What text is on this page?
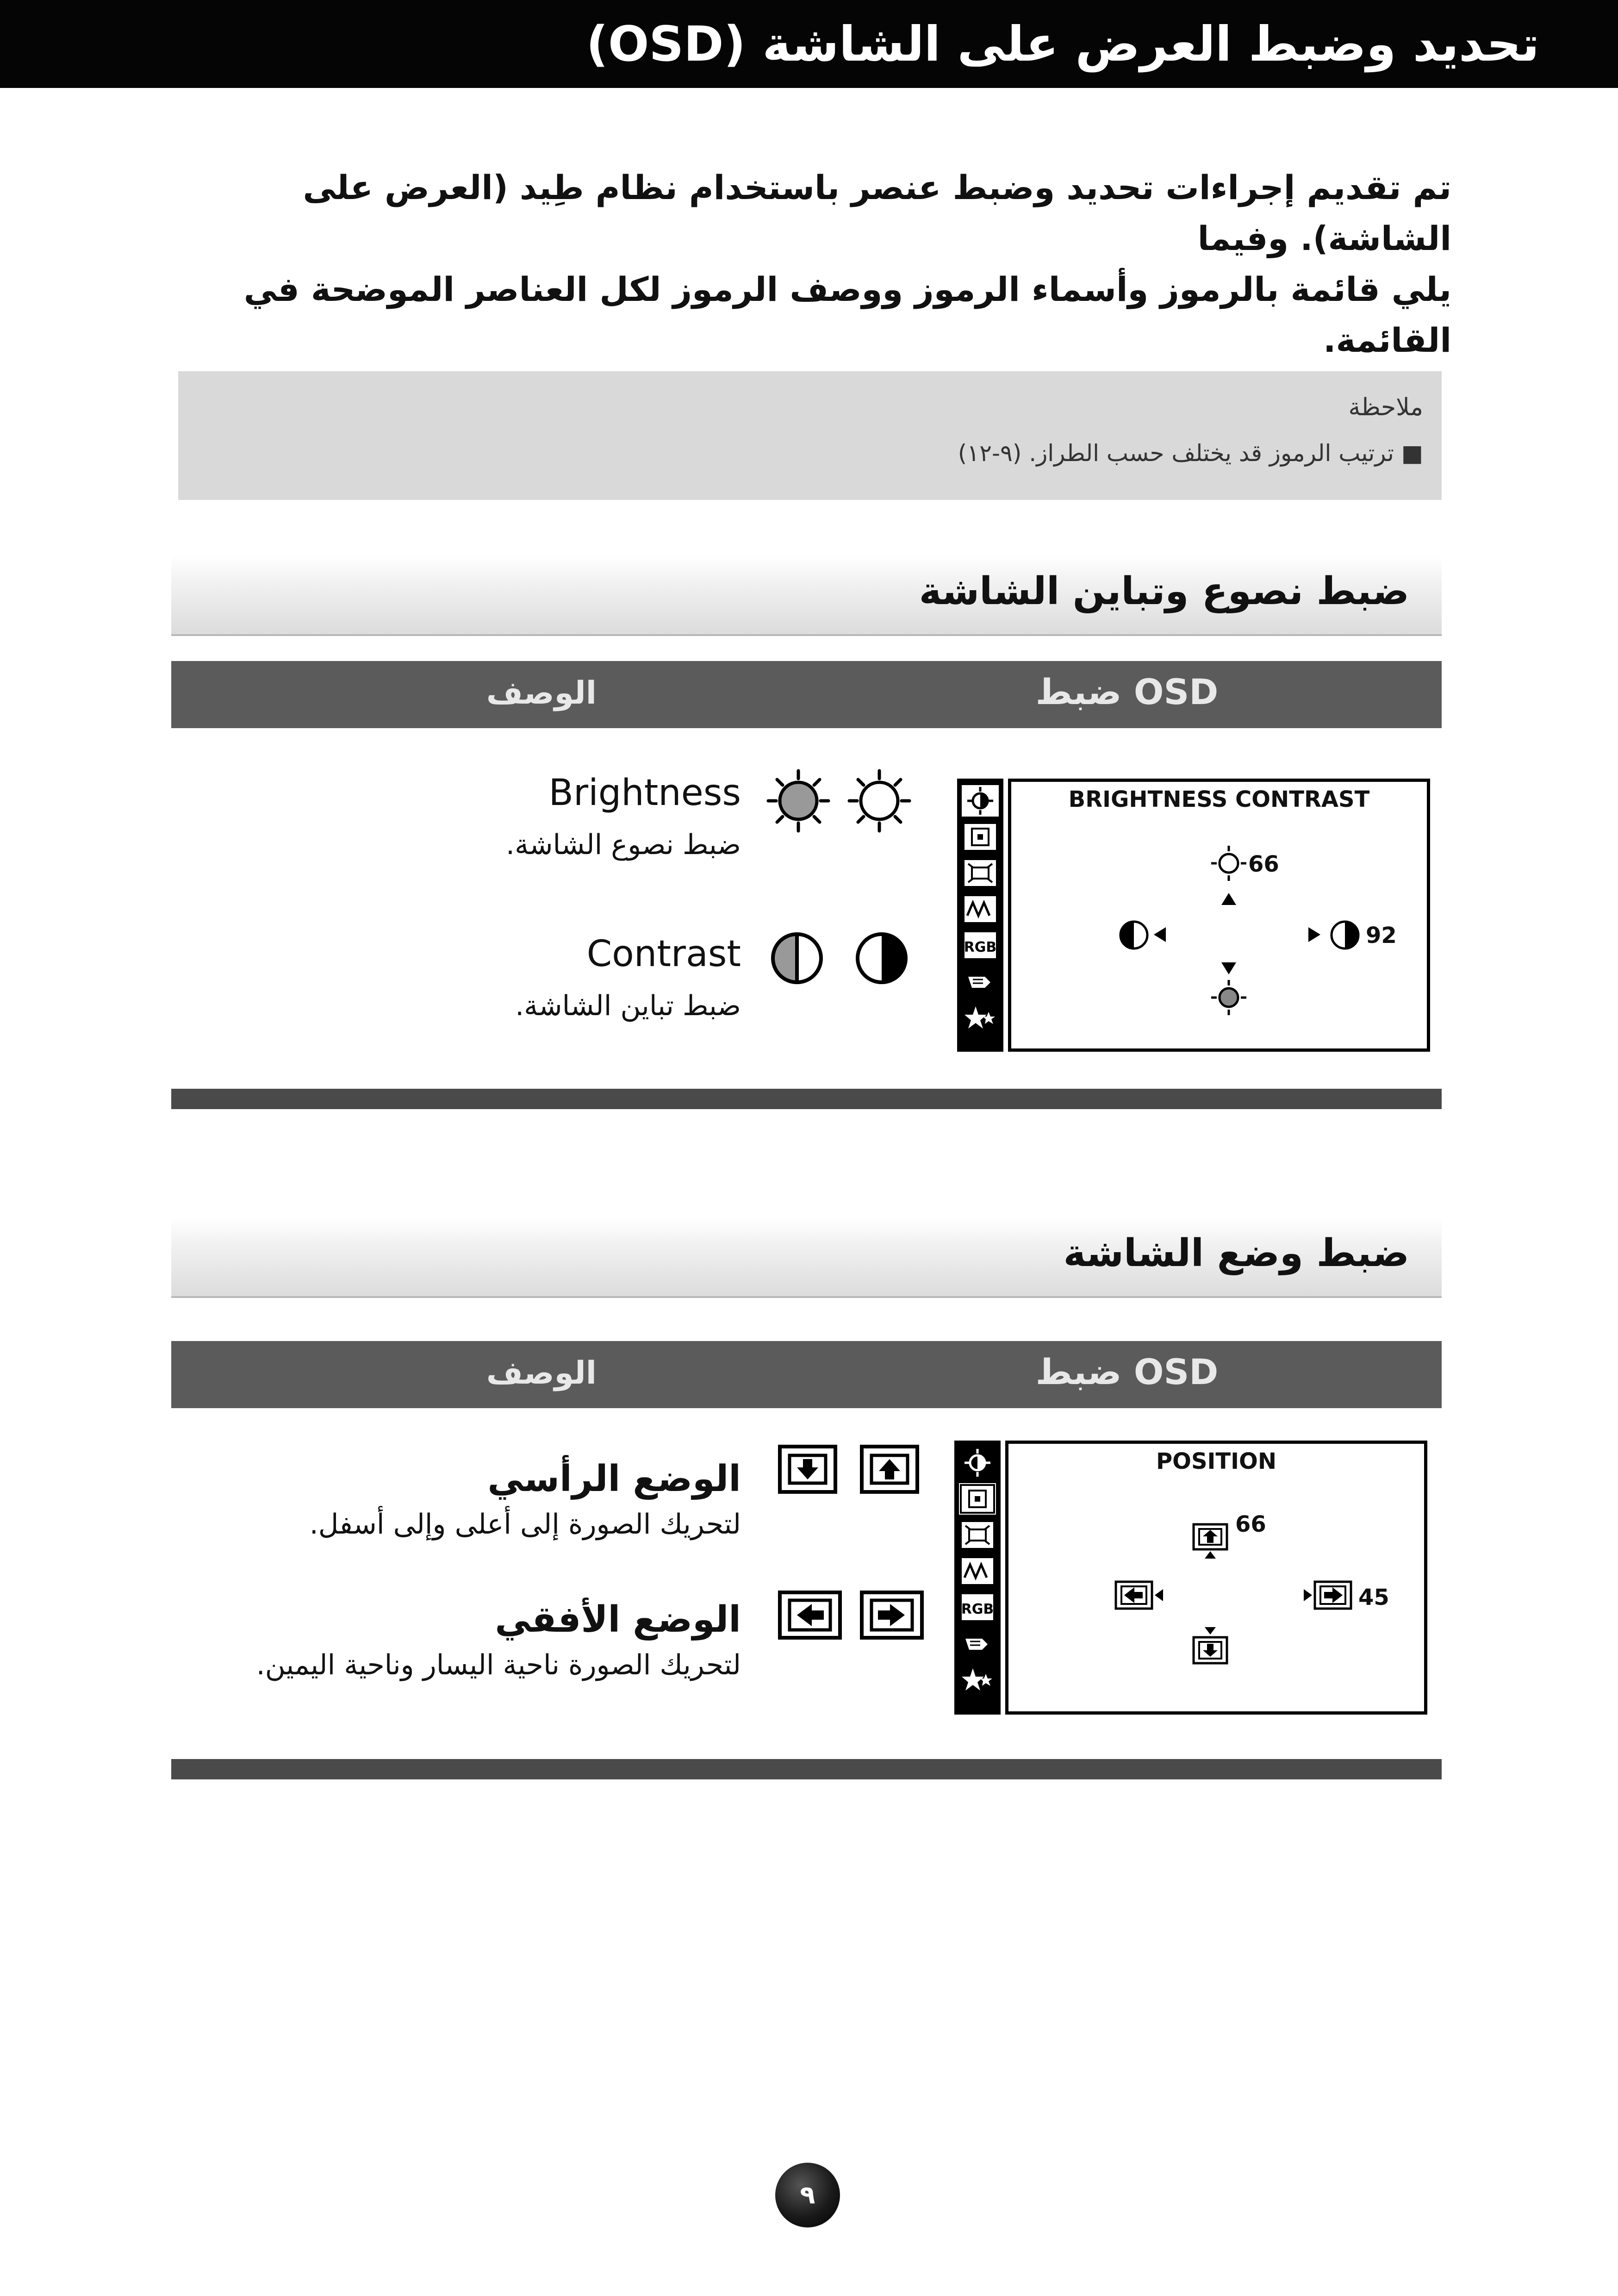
تحديد وضبط العرض على الشاشة (OSD)
تم تقديم إجراءات تحديد وضبط عنصر باستخدام نظام طِيد (العرض على الشاشة). وفيما
يلي قائمة بالرموز وأسماء الرموز ووصف الرموز لكل العناصر الموضحة في القائمة.
ملاحظة
■ ترتيب الرموز قد يختلف حسب الطراز. (٩-١٢)
ضبط نصوع وتباين الشاشة
الوصف	ضبط OSD
Brightness
ضبط نصوع الشاشة.
Contrast
ضبط تباين الشاشة.
RGB
BRIGHTNESS CONTRAST
66
92
ضبط وضع الشاشة
الوصف	ضبط OSD
الوضع الرأسي
لتحريك الصورة إلى أعلى وإلى أسفل.
الوضع الأفقي
لتحريك الصورة ناحية اليسار وناحية اليمين.
RGB
POSITION
66
45
٩
